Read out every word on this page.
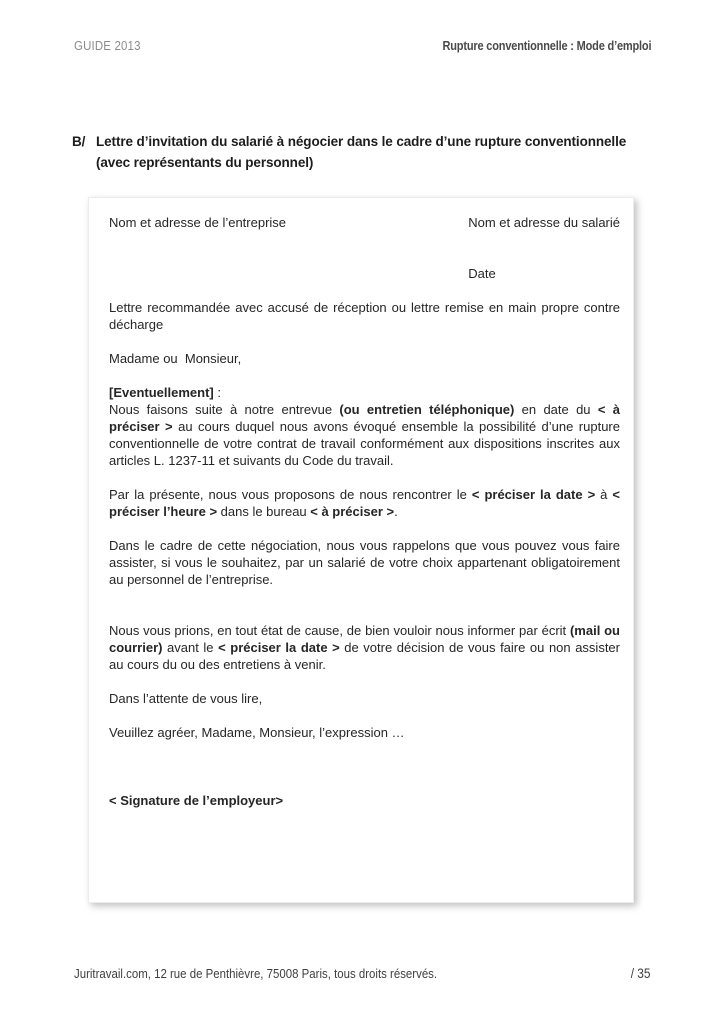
GUIDE 2013	Rupture conventionnelle : Mode d’emploi
B/ Lettre d’invitation du salarié à négocier dans le cadre d’une rupture conventionnelle (avec représentants du personnel)
Nom et adresse de l’entreprise	Nom et adresse du salarié
Date

Lettre recommandée avec accusé de réception ou lettre remise en main propre contre décharge

Madame ou  Monsieur,

[Eventuellement] :

Nous faisons suite à notre entrevue (ou entretien téléphonique) en date du < à préciser > au cours duquel nous avons évoqué ensemble la possibilité d’une rupture conventionnelle de votre contrat de travail conformément aux dispositions inscrites aux articles L. 1237-11 et suivants du Code du travail.

Par la présente, nous vous proposons de nous rencontrer le < préciser la date > à < préciser l’heure > dans le bureau < à préciser >.

Dans le cadre de cette négociation, nous vous rappelons que vous pouvez vous faire assister, si vous le souhaitez, par un salarié de votre choix appartenant obligatoirement au personnel de l’entreprise.

Nous vous prions, en tout état de cause, de bien vouloir nous informer par écrit (mail ou courrier) avant le < préciser la date > de votre décision de vous faire ou non assister au cours du ou des entretiens à venir.

Dans l’attente de vous lire,

Veuillez agréer, Madame, Monsieur, l’expression …

< Signature de l’employeur>

Juritravail.com, 12 rue de Penthièvre, 75008 Paris, tous droits réservés.	/ 35
